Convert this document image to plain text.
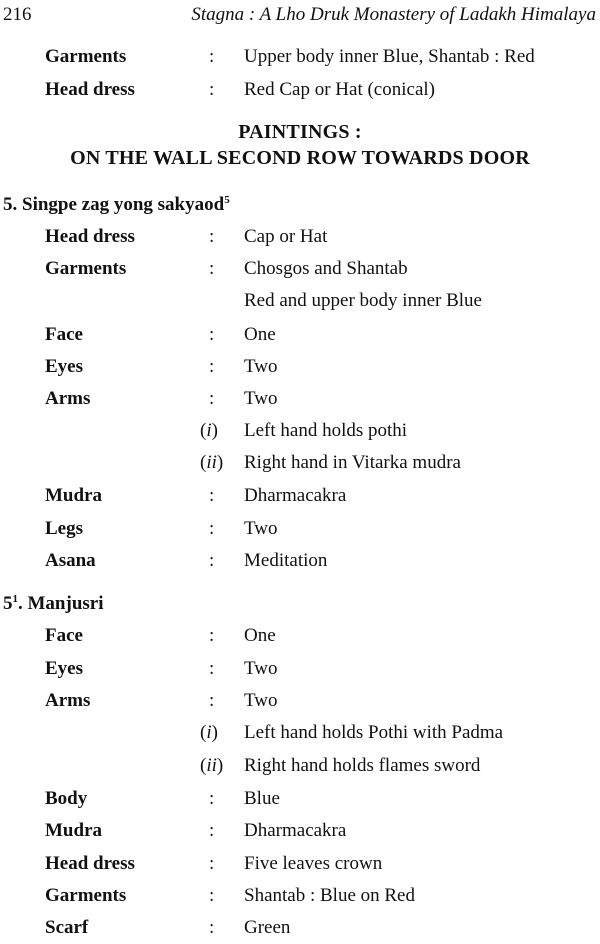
216	Stagna : A Lho Druk Monastery of Ladakh Himalaya
Garments	: Upper body inner Blue, Shantab : Red
Head dress	: Red Cap or Hat (conical)
PAINTINGS :
ON THE WALL SECOND ROW TOWARDS DOOR
5. Singpe zag yong sakyaod$^5$
Head dress	: Cap or Hat
Garments	: Chosgos and Shantab
Red and upper body inner Blue
Face	: One
Eyes	: Two
Arms	: Two
(i)	Left hand holds pothi
(ii)	Right hand in Vitarka mudra
Mudra	: Dharmacakra
Legs	: Two
Asana	: Meditation
$5^1$. Manjusri
Face	: One
Eyes	: Two
Arms	: Two
(i)	Left hand holds Pothi with Padma
(ii)	Right hand holds flames sword
Body	: Blue
Mudra	: Dharmacakra
Head dress	: Five leaves crown
Garments	: Shantab : Blue on Red
Scarf	: Green
